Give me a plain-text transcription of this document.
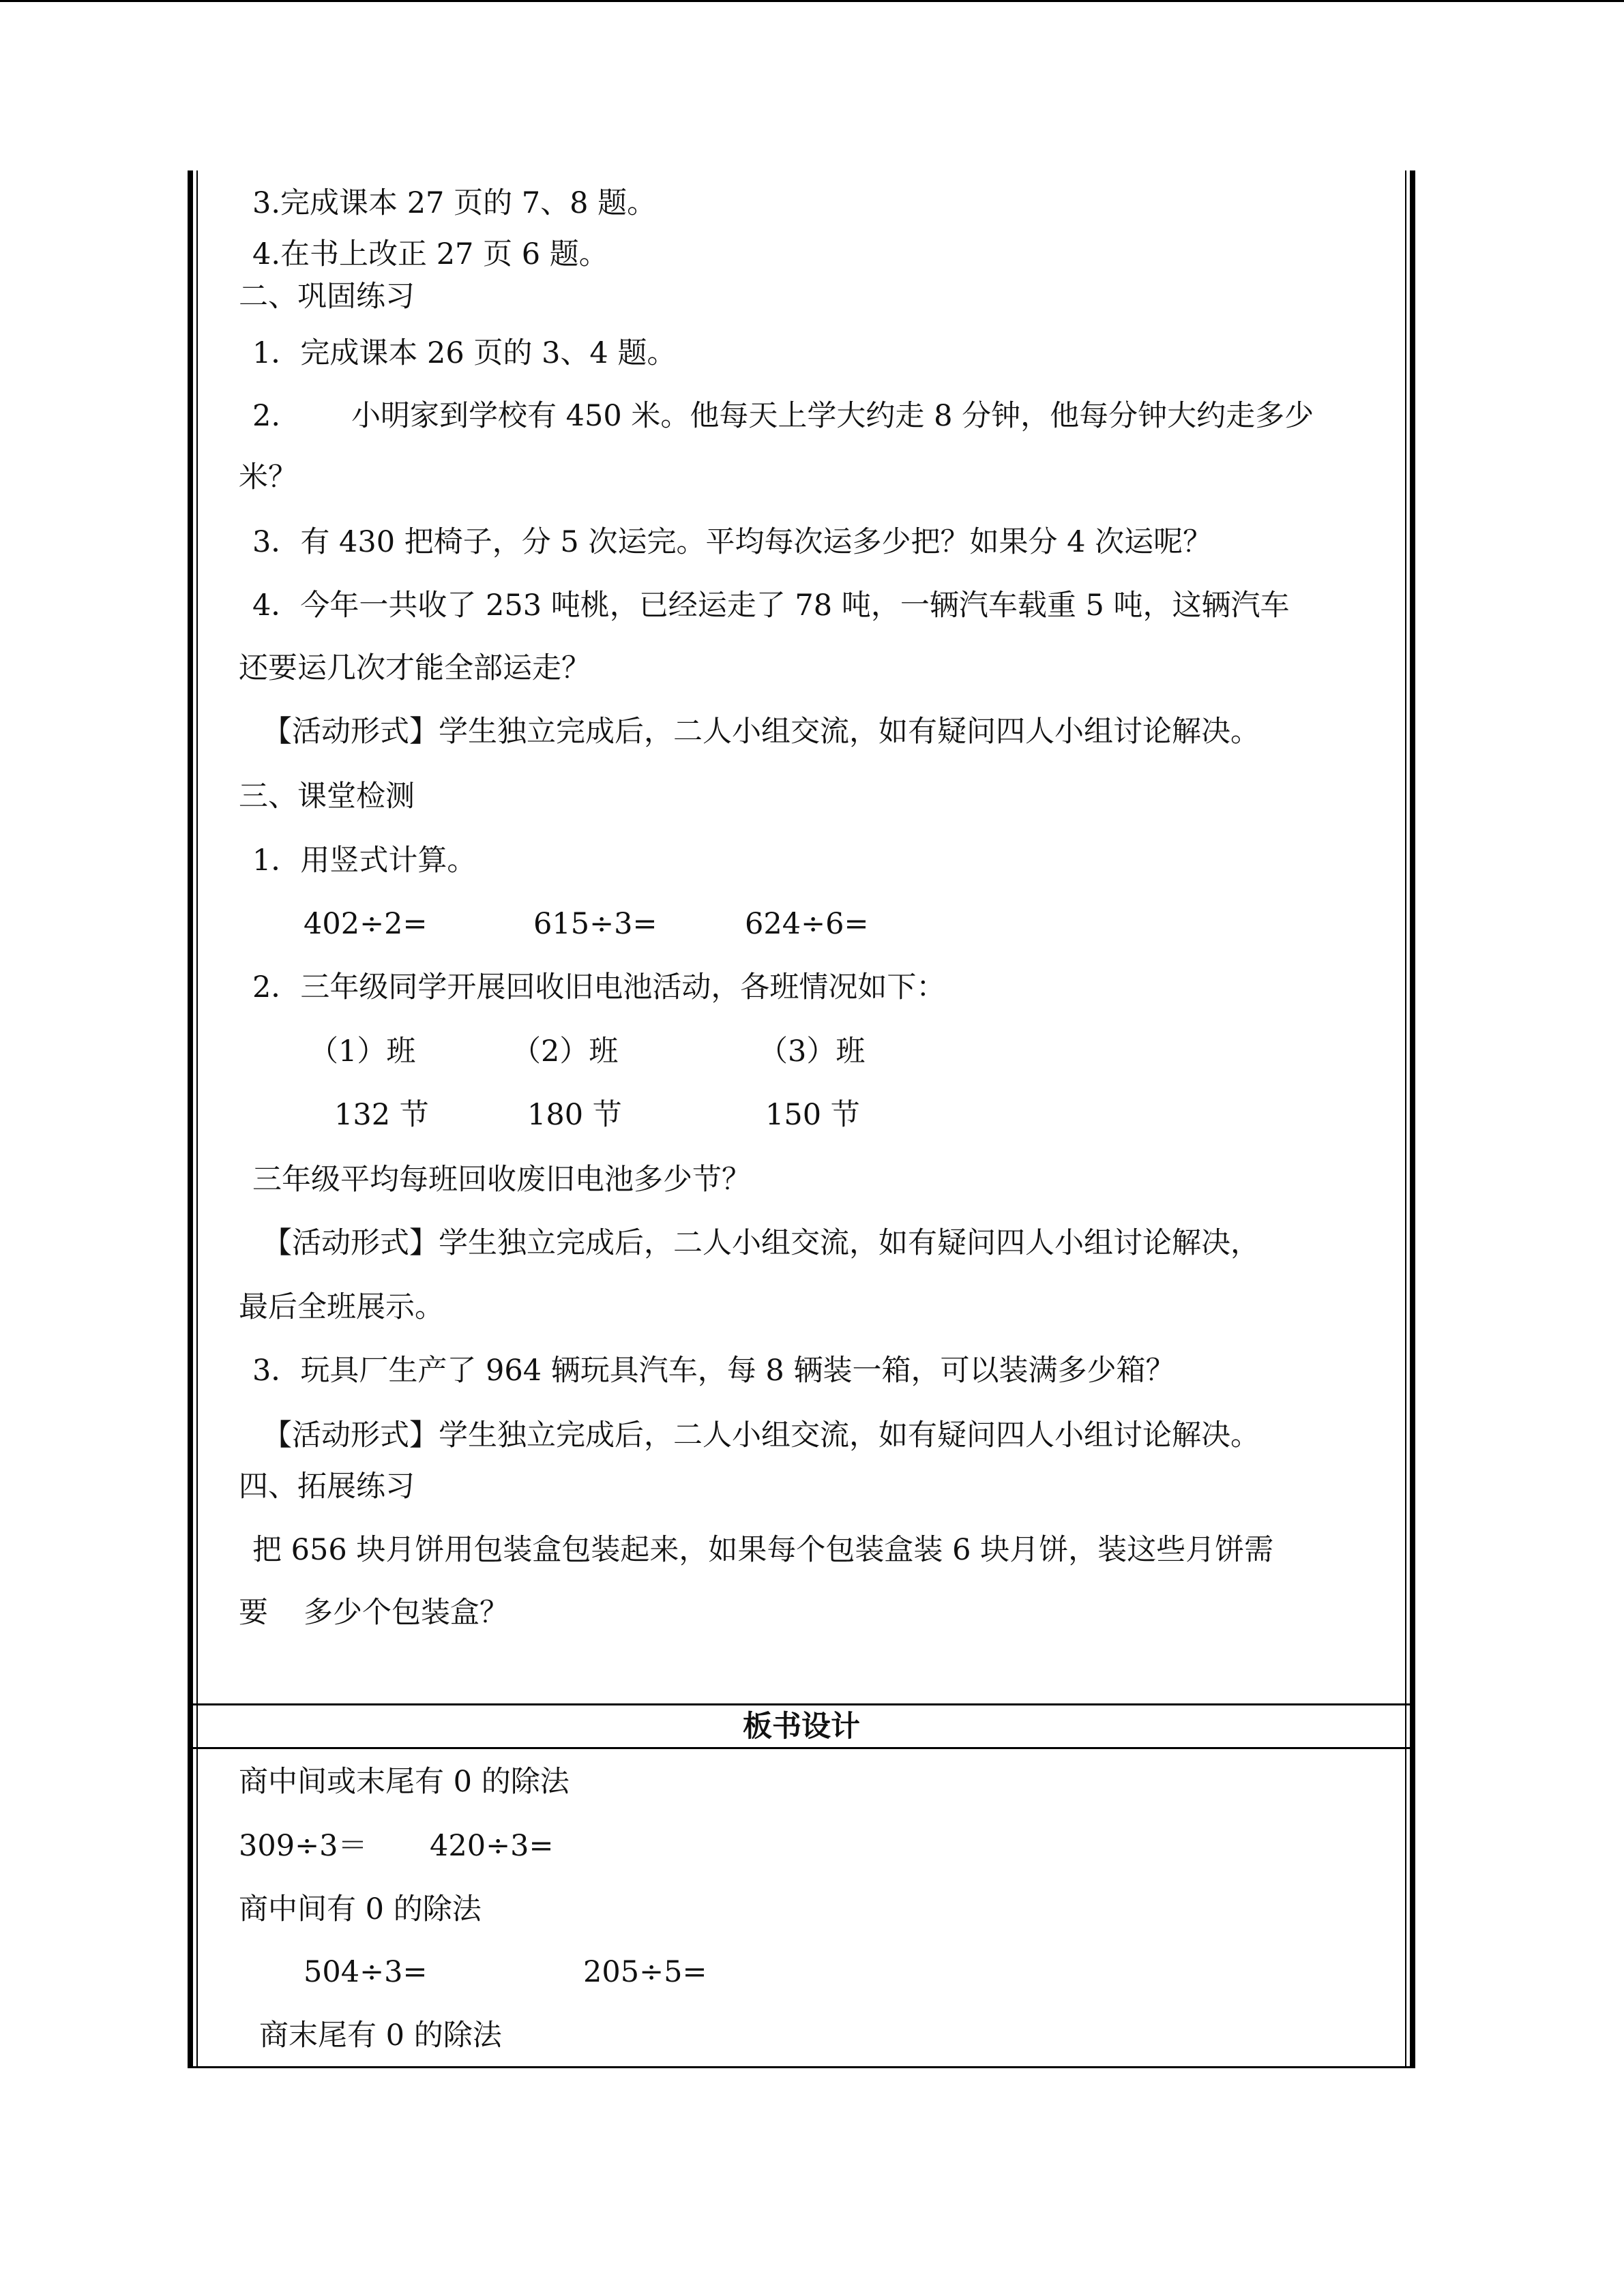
3.完成课本 27 页的 7、8 题。

4.在书上改正 27 页 6 题。

二、巩固练习

1．完成课本 26 页的 3、4 题。

2. 小明家到学校有 450 米。他每天上学大约走 8 分钟，他每分钟大约走多少

米？

3．有 430 把椅子，分 5 次运完。平均每次运多少把？如果分 4 次运呢？

4．今年一共收了 253 吨桃，已经运走了 78 吨，一辆汽车载重 5 吨，这辆汽车

还要运几次才能全部运走？

【活动形式】学生独立完成后，二人小组交流，如有疑问四人小组讨论解决。

三、课堂检测

1．用竖式计算。

402÷2=	615÷3=	624÷6=

2．三年级同学开展回收旧电池活动，各班情况如下：

（1）班	（2）班	（3）班

132 节	180 节	150 节

三年级平均每班回收废旧电池多少节？

【活动形式】学生独立完成后，二人小组交流，如有疑问四人小组讨论解决，

最后全班展示。

3．玩具厂生产了 964 辆玩具汽车，每 8 辆装一箱，可以装满多少箱？

【活动形式】学生独立完成后，二人小组交流，如有疑问四人小组讨论解决。

四、拓展练习

把 656 块月饼用包装盒包装起来，如果每个包装盒装 6 块月饼，装这些月饼需

要 多少个包装盒？

板书设计

商中间或末尾有 0 的除法

309÷3＝ 420÷3=

商中间有 0 的除法

504÷3=	205÷5=

商末尾有 0 的除法
